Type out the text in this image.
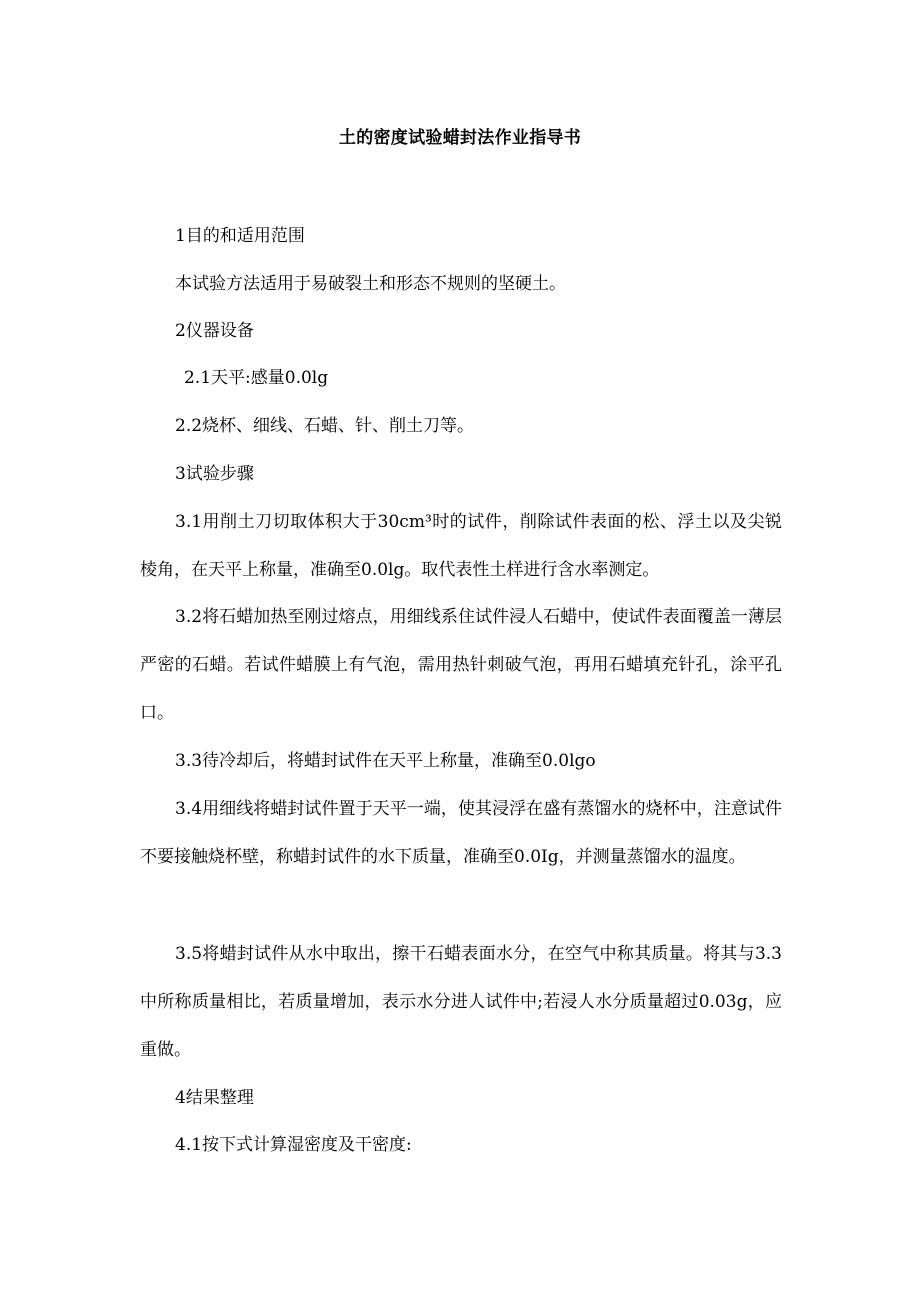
土的密度试验蜡封法作业指导书

1目的和适用范围

本试验方法适用于易破裂土和形态不规则的坚硬土。

2仪器设备

2.1天平:感量0.0lg

2.2烧杯、细线、石蜡、针、削土刀等。

3试验步骤

3.1用削土刀切取体积大于30cm³时的试件，削除试件表面的松、浮土以及尖锐棱角，在天平上称量，准确至0.0lg。取代表性土样进行含水率测定。

3.2将石蜡加热至刚过熔点，用细线系住试件浸人石蜡中，使试件表面覆盖一薄层严密的石蜡。若试件蜡膜上有气泡，需用热针刺破气泡，再用石蜡填充针孔，涂平孔口。

3.3待冷却后，将蜡封试件在天平上称量，准确至0.0lgo

3.4用细线将蜡封试件置于天平一端，使其浸浮在盛有蒸馏水的烧杯中，注意试件不要接触烧杯壁，称蜡封试件的水下质量，准确至0.0Ig，并测量蒸馏水的温度。

3.5将蜡封试件从水中取出，擦干石蜡表面水分，在空气中称其质量。将其与3.3中所称质量相比，若质量增加，表示水分进人试件中;若浸人水分质量超过0.03g，应重做。

4结果整理

4.1按下式计算湿密度及干密度:
